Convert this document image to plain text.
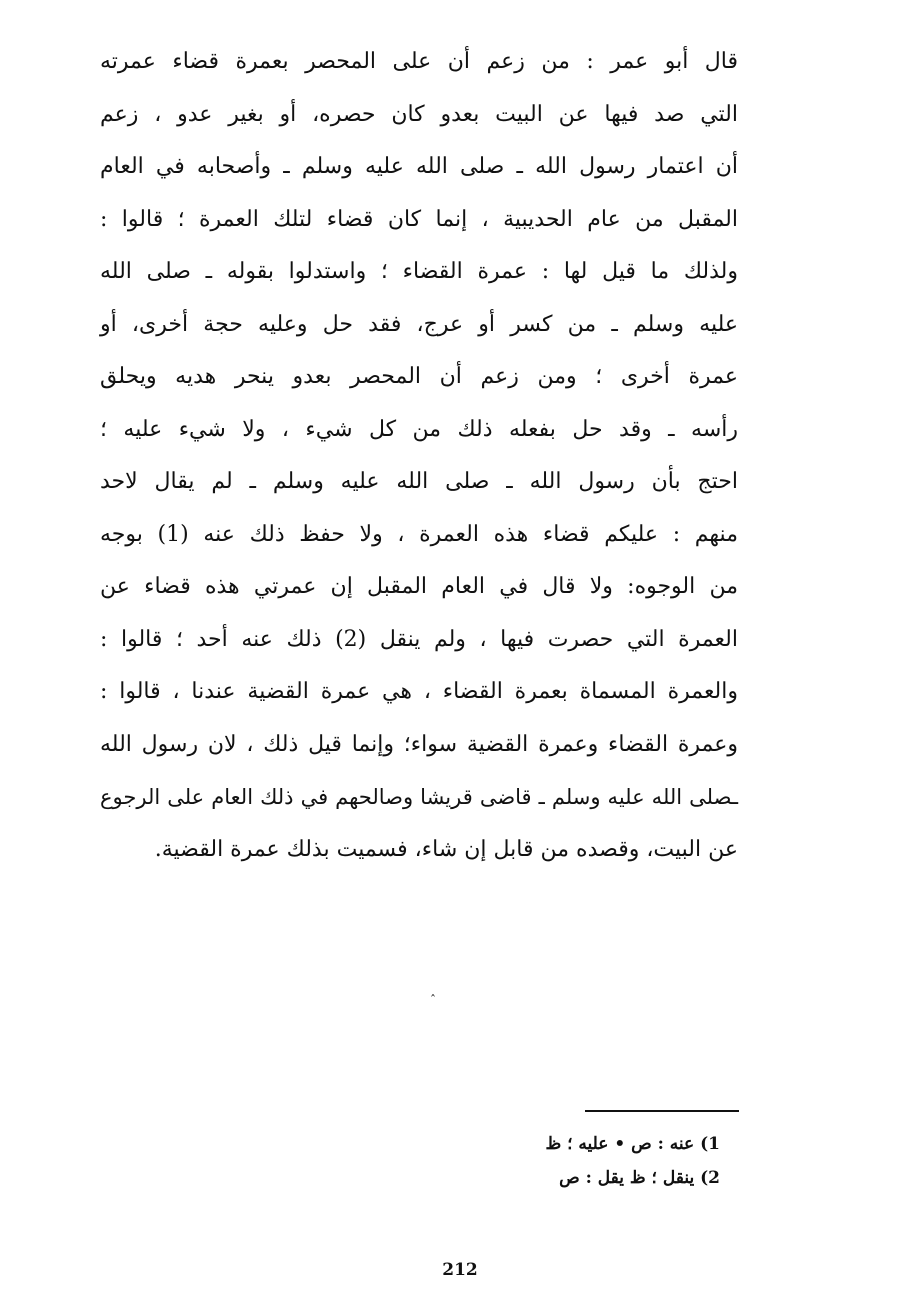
قال أبو عمر : من زعم أن على المحصر بعمرة قضاء عمرته
التي صد فيها عن البيت بعدو كان حصره، أو بغير عدو ، زعم
أن اعتمار رسول الله ـ صلى الله عليه وسلم ـ وأصحابه في العام
المقبل من عام الحديبية ، إنما كان قضاء لتلك العمرة ؛ قالوا :
ولذلك ما قيل لها : عمرة القضاء ؛ واستدلوا بقوله ـ صلى الله
عليه وسلم ـ من كسر أو عرج، فقد حل وعليه حجة أخرى، أو
عمرة أخرى ؛ ومن زعم أن المحصر بعدو ينحر هديه ويحلق
رأسه ـ وقد حل بفعله ذلك من كل شيء ، ولا شيء عليه ؛
احتج بأن رسول الله ـ صلى الله عليه وسلم ـ لم يقال لاحد
منهم : عليكم قضاء هذه العمرة ، ولا حفظ ذلك عنه (1) بوجه
من الوجوه: ولا قال في العام المقبل إن عمرتي هذه قضاء عن
العمرة التي حصرت فيها ، ولم ينقل (2) ذلك عنه أحد ؛ قالوا :
والعمرة المسماة بعمرة القضاء ، هي عمرة القضية عندنا ، قالوا :
وعمرة القضاء وعمرة القضية سواء؛ وإنما قيل ذلك ، لان رسول الله
ـصلى الله عليه وسلم ـ قاضى قريشا وصالحهم في ذلك العام على الرجوع
عن البيت، وقصده من قابل إن شاء، فسميت بذلك عمرة القضية.
ˆ
1) عنه : ص • عليه ؛ ظ
2) ينقل ؛ ظ يقل : ص
212
